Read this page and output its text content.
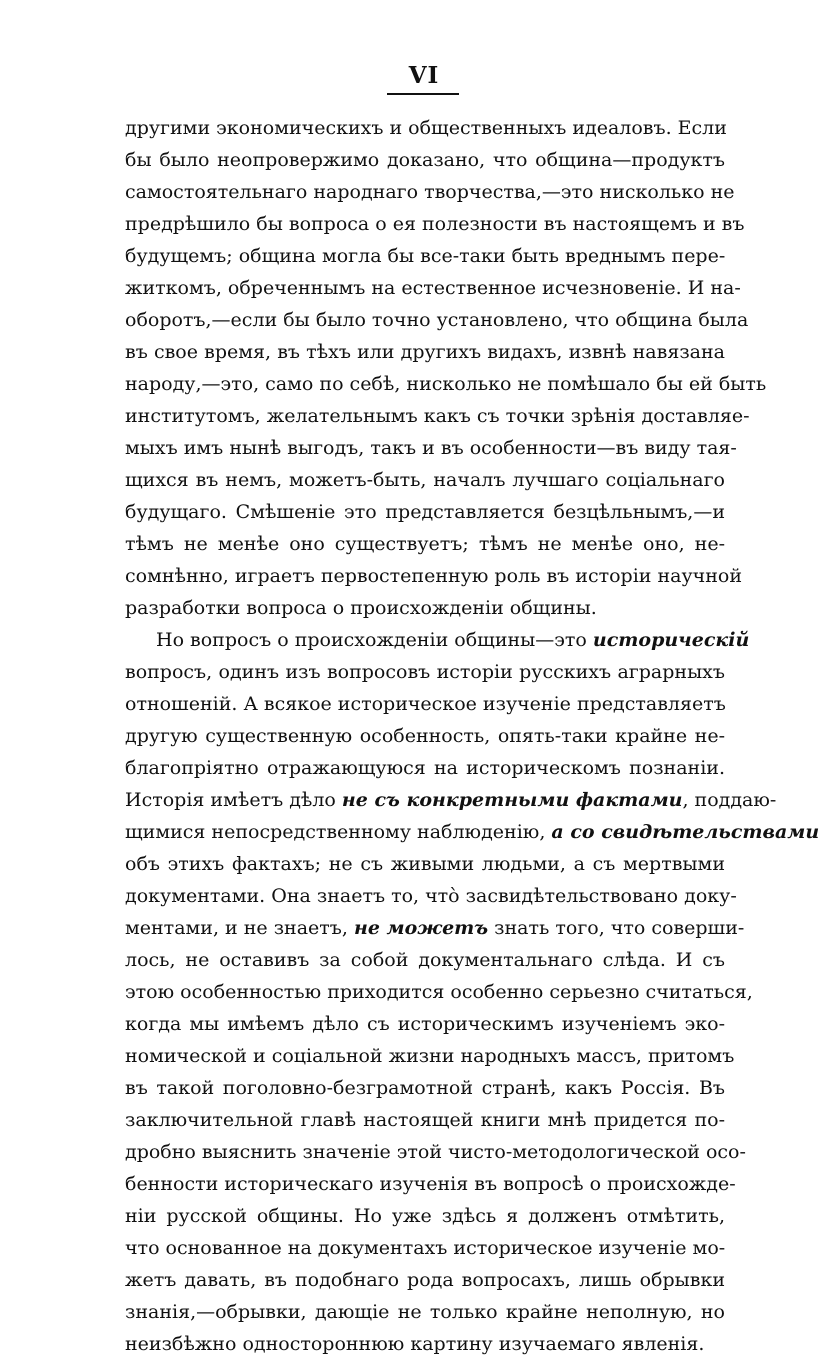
VI
другими экономическихъ и общественныхъ идеаловъ. Если
бы было неопровержимо доказано, что община—продуктъ
самостоятельнаго народнаго творчества,—это нисколько не
предрѣшило бы вопроса о ея полезности въ настоящемъ и въ
будущемъ; община могла бы все-таки быть вреднымъ пере-
житкомъ, обреченнымъ на естественное исчезновеніе. И на-
оборотъ,—если бы было точно установлено, что община была
въ свое время, въ тѣхъ или другихъ видахъ, извнѣ навязана
народу,—это, само по себѣ, нисколько не помѣшало бы ей быть
институтомъ, желательнымъ какъ съ точки зрѣнія доставляе-
мыхъ имъ нынѣ выгодъ, такъ и въ особенности—въ виду тая-
щихся въ немъ, можетъ-быть, началъ лучшаго соціальнаго
будущаго. Смѣшеніе это представляется безцѣльнымъ,—и
тѣмъ не менѣе оно существуетъ; тѣмъ не менѣе оно, не-
сомнѣнно, играетъ первостепенную роль въ исторіи научной
разработки вопроса о происхожденіи общины.
Но вопросъ о происхожденіи общины—это историческій
вопросъ, одинъ изъ вопросовъ исторіи русскихъ аграрныхъ
отношеній. А всякое историческое изученіе представляетъ
другую существенную особенность, опять-таки крайне не-
благопріятно отражающуюся на историческомъ познаніи.
Исторія имѣетъ дѣло не съ конкретными фактами, поддаю-
щимися непосредственному наблюденію, а со свидѣтельствами
объ этихъ фактахъ; не съ живыми людьми, а съ мертвыми
документами. Она знаетъ то, что̀ засвидѣтельствовано доку-
ментами, и не знаетъ, не можетъ знать того, что соверши-
лось, не оставивъ за собой документальнаго слѣда. И съ
этою особенностью приходится особенно серьезно считаться,
когда мы имѣемъ дѣло съ историческимъ изученіемъ эко-
номической и соціальной жизни народныхъ массъ, притомъ
въ такой поголовно-безграмотной странѣ, какъ Россія. Въ
заключительной главѣ настоящей книги мнѣ придется по-
дробно выяснить значеніе этой чисто-методологической осо-
бенности историческаго изученія въ вопросѣ о происхожде-
ніи русской общины. Но уже здѣсь я долженъ отмѣтить,
что основанное на документахъ историческое изученіе мо-
жетъ давать, въ подобнаго рода вопросахъ, лишь обрывки
знанія,—обрывки, дающіе не только крайне неполную, но
неизбѣжно одностороннюю картину изучаемаго явленія.
